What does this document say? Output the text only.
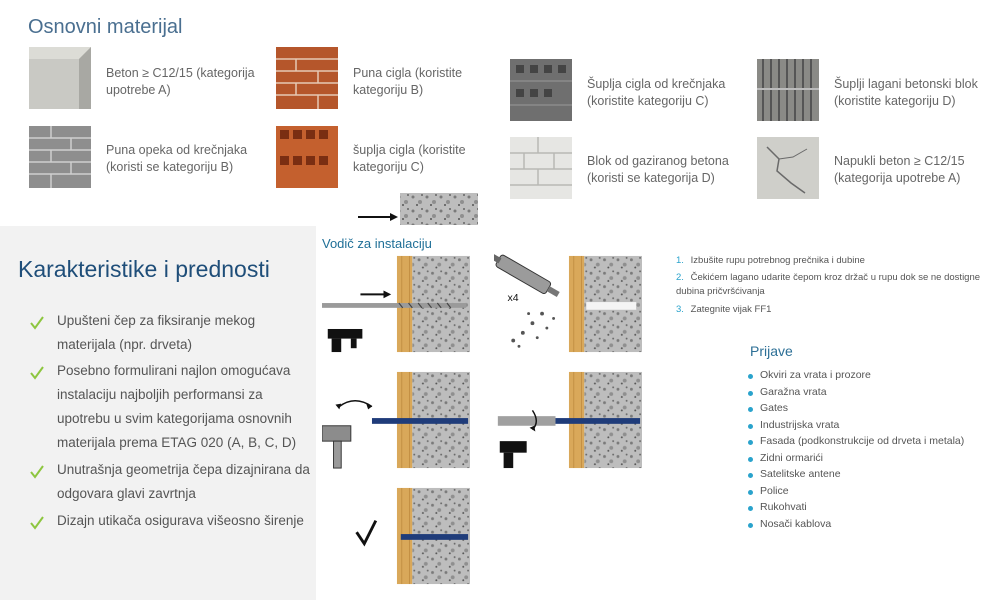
Osnovni materijal
Beton ≥ C12/15 (kategorija upotrebe A)
Puna cigla (koristite kategoriju B)	Šuplja cigla od krečnjaka (koristite kategoriju C)
Šuplji lagani betonski blok (koristite kategoriju D)
Puna opeka od krečnjaka (koristi se kategoriju B)
šuplja cigla (koristite kategoriju C)	Blok od gaziranog betona (koristi se kategorija D)
Napukli beton ≥ C12/15 (kategorija upotrebe A)
Karakteristike i prednosti
Upušteni čep za fiksiranje mekog materijala (npr. drveta)
Posebno formulirani najlon omogućava instalaciju najboljih performansi za upotrebu u svim kategorijama osnovnih materijala prema ETAG 020 (A, B, C, D)
Unutrašnja geometrija čepa dizajnirana da odgovara glavi zavrtnja
Dizajn utikača osigurava višeosno širenje
Vodič za instalaciju
x4
1. Izbušite rupu potrebnog prečnika i dubine
2. Čekićem lagano udarite čepom kroz držač u rupu dok se ne dostigne dubina pričvršćivanja
3. Zategnite vijak FF1
Prijave
Okviri za vrata i prozore
Garažna vrata
Gates
Industrijska vrata
Fasada (podkonstrukcije od drveta i metala)
Zidni ormarići
Satelitske antene
Police
Rukohvati
Nosači kablova
